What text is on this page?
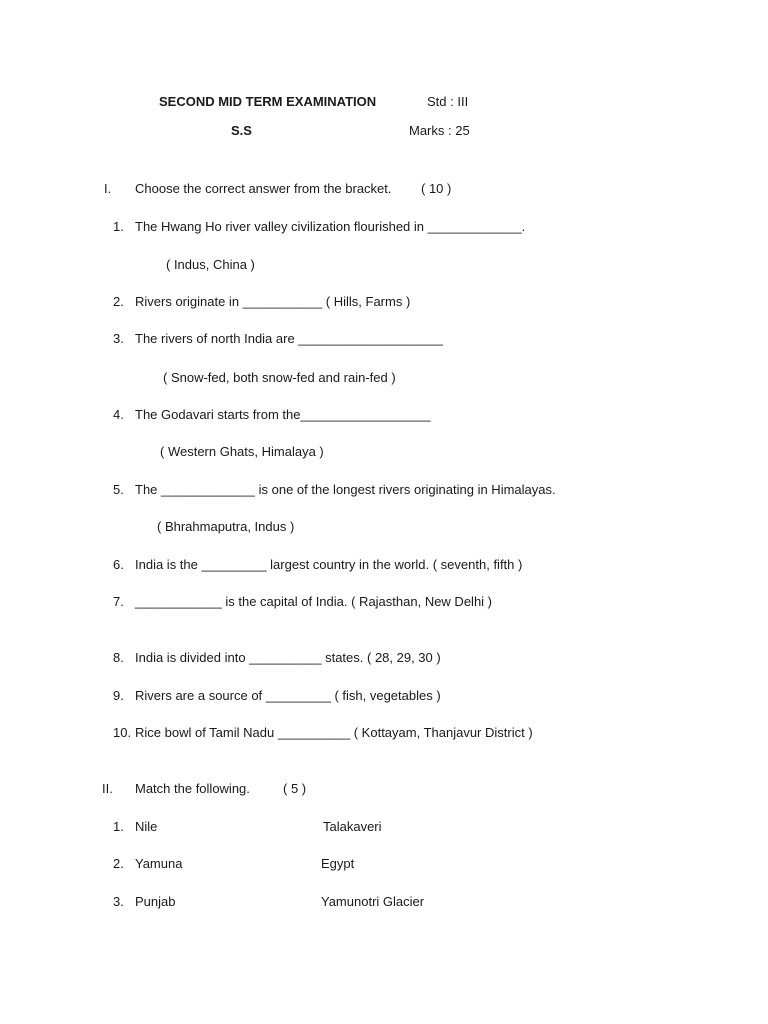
SECOND MID TERM EXAMINATION	Std : III
S.S	Marks : 25
I. Choose the correct answer from the bracket. ( 10 )
1. The Hwang Ho river valley civilization flourished in _____________.
( Indus, China )
2. Rivers originate in ___________ ( Hills, Farms )
3. The rivers of north India are ____________________
( Snow-fed, both snow-fed and rain-fed )
4. The Godavari starts from the__________________
( Western Ghats, Himalaya )
5. The _____________ is one of the longest rivers originating in Himalayas.
( Bhrahmaputra, Indus )
6. India is the _________ largest country in the world. ( seventh, fifth )
7. ____________ is the capital of India. ( Rajasthan, New Delhi )
8. India is divided into __________ states. ( 28, 29, 30 )
9. Rivers are a source of _________ ( fish, vegetables )
10. Rice bowl of Tamil Nadu __________ ( Kottayam, Thanjavur District )
II. Match the following.	( 5 )
1. Nile	Talakaveri
2. Yamuna	Egypt
3. Punjab	Yamunotri Glacier
